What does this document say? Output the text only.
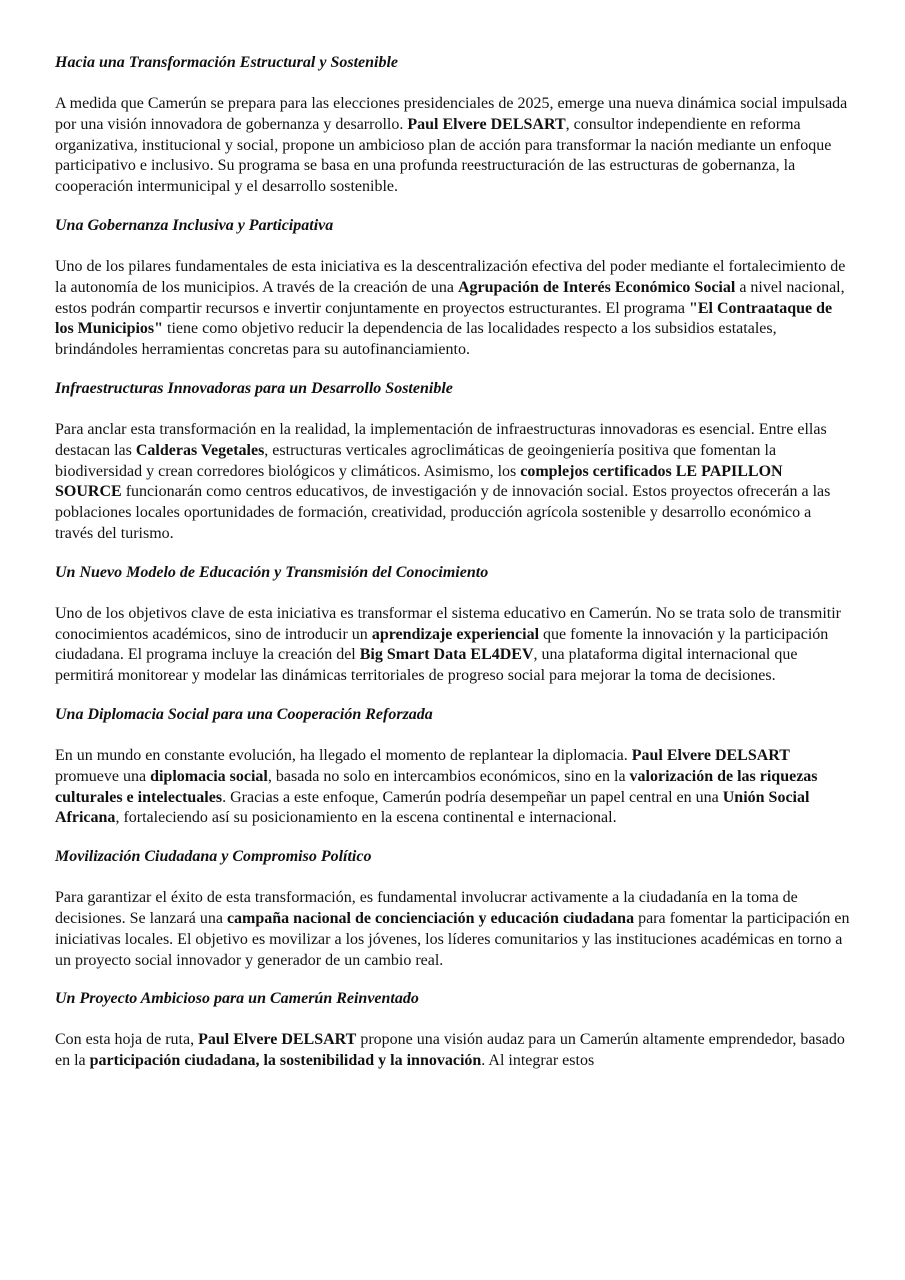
Hacia una Transformación Estructural y Sostenible

A medida que Camerún se prepara para las elecciones presidenciales de 2025, emerge una nueva dinámica social impulsada por una visión innovadora de gobernanza y desarrollo. Paul Elvere DELSART, consultor independiente en reforma organizativa, institucional y social, propone un ambicioso plan de acción para transformar la nación mediante un enfoque participativo e inclusivo. Su programa se basa en una profunda reestructuración de las estructuras de gobernanza, la cooperación intermunicipal y el desarrollo sostenible.

Una Gobernanza Inclusiva y Participativa

Uno de los pilares fundamentales de esta iniciativa es la descentralización efectiva del poder mediante el fortalecimiento de la autonomía de los municipios. A través de la creación de una Agrupación de Interés Económico Social a nivel nacional, estos podrán compartir recursos e invertir conjuntamente en proyectos estructurantes. El programa "El Contraataque de los Municipios" tiene como objetivo reducir la dependencia de las localidades respecto a los subsidios estatales, brindándoles herramientas concretas para su autofinanciamiento.

Infraestructuras Innovadoras para un Desarrollo Sostenible

Para anclar esta transformación en la realidad, la implementación de infraestructuras innovadoras es esencial. Entre ellas destacan las Calderas Vegetales, estructuras verticales agroclimáticas de geoingeniería positiva que fomentan la biodiversidad y crean corredores biológicos y climáticos. Asimismo, los complejos certificados LE PAPILLON SOURCE funcionarán como centros educativos, de investigación y de innovación social. Estos proyectos ofrecerán a las poblaciones locales oportunidades de formación, creatividad, producción agrícola sostenible y desarrollo económico a través del turismo.

Un Nuevo Modelo de Educación y Transmisión del Conocimiento

Uno de los objetivos clave de esta iniciativa es transformar el sistema educativo en Camerún. No se trata solo de transmitir conocimientos académicos, sino de introducir un aprendizaje experiencial que fomente la innovación y la participación ciudadana. El programa incluye la creación del Big Smart Data EL4DEV, una plataforma digital internacional que permitirá monitorear y modelar las dinámicas territoriales de progreso social para mejorar la toma de decisiones.

Una Diplomacia Social para una Cooperación Reforzada

En un mundo en constante evolución, ha llegado el momento de replantear la diplomacia. Paul Elvere DELSART promueve una diplomacia social, basada no solo en intercambios económicos, sino en la valorización de las riquezas culturales e intelectuales. Gracias a este enfoque, Camerún podría desempeñar un papel central en una Unión Social Africana, fortaleciendo así su posicionamiento en la escena continental e internacional.

Movilización Ciudadana y Compromiso Político

Para garantizar el éxito de esta transformación, es fundamental involucrar activamente a la ciudadanía en la toma de decisiones. Se lanzará una campaña nacional de concienciación y educación ciudadana para fomentar la participación en iniciativas locales. El objetivo es movilizar a los jóvenes, los líderes comunitarios y las instituciones académicas en torno a un proyecto social innovador y generador de un cambio real.

Un Proyecto Ambicioso para un Camerún Reinventado

Con esta hoja de ruta, Paul Elvere DELSART propone una visión audaz para un Camerún altamente emprendedor, basado en la participación ciudadana, la sostenibilidad y la innovación. Al integrar estos
